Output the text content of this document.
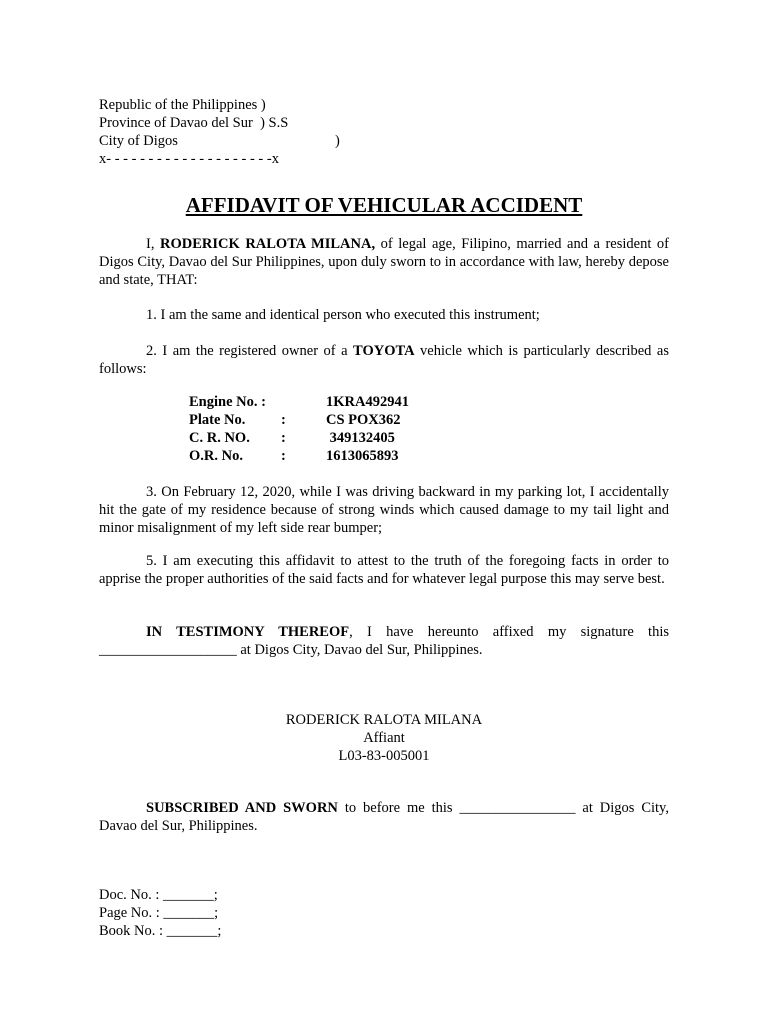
Republic of the Philippines )
Province of Davao del Sur  ) S.S
City of Digos	)
x- - - - - - - - - - - - - - - - - - - -x
AFFIDAVIT OF VEHICULAR ACCIDENT

I, RODERICK RALOTA MILANA, of legal age, Filipino, married and a resident of Digos City, Davao del Sur Philippines, upon duly sworn to in accordance with law, hereby depose and state, THAT:

1. I am the same and identical person who executed this instrument;

2. I am the registered owner of a TOYOTA vehicle which is particularly described as follows:

Engine No. :	1KRA492941
Plate No. :	CS POX362
C. R. NO. :	349132405
O.R. No.	:	1613065893

3. On February 12, 2020, while I was driving backward in my parking lot, I accidentally hit the gate of my residence because of strong winds which caused damage to my tail light and minor misalignment of my left side rear bumper;

5. I am executing this affidavit to attest to the truth of the foregoing facts in order to apprise the proper authorities of the said facts and for whatever legal purpose this may serve best.

IN TESTIMONY THEREOF, I have hereunto affixed my signature this ___________________ at Digos City, Davao del Sur, Philippines.

RODERICK RALOTA MILANA
Affiant
L03-83-005001

SUBSCRIBED AND SWORN to before me this ________________ at Digos City, Davao del Sur, Philippines.

Doc. No. : _______;
Page No. : _______;
Book No. : _______;
